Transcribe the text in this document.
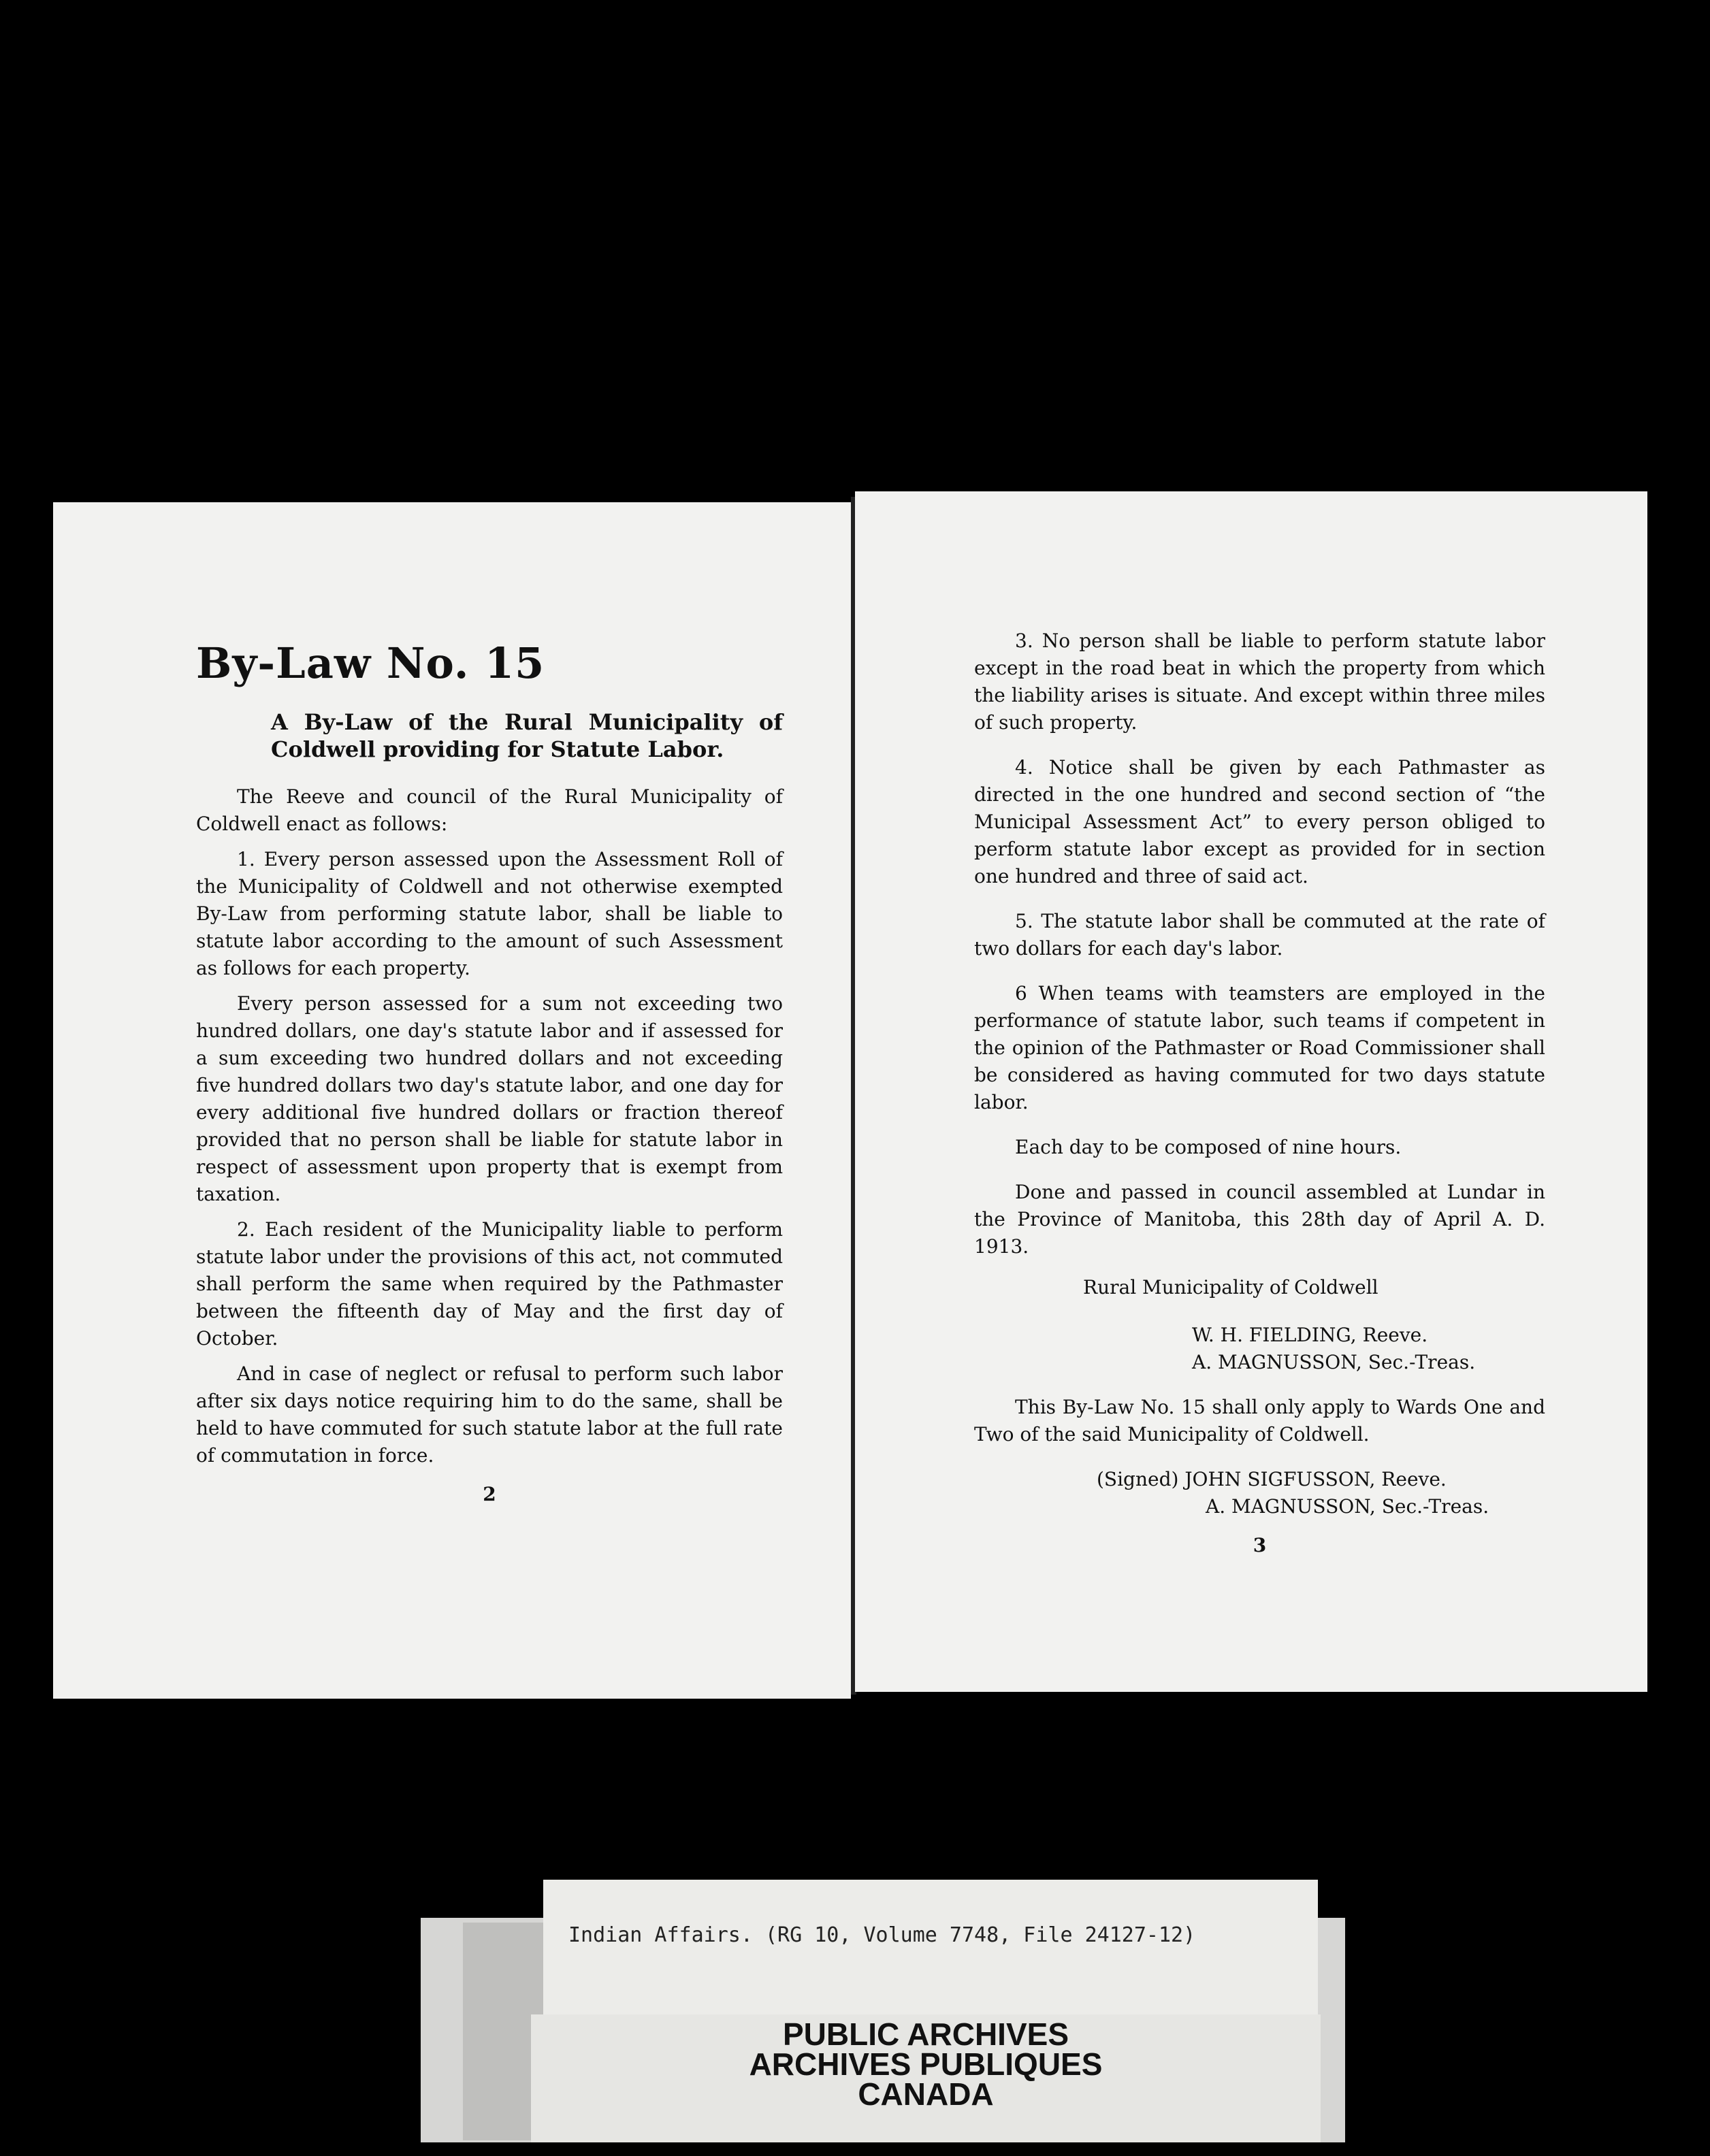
By-Law No. 15
A By-Law of the Rural Municipality of Coldwell providing for Statute Labor.

The Reeve and council of the Rural Municipality of Coldwell enact as follows:

1. Every person assessed upon the Assessment Roll of the Municipality of Coldwell and not otherwise exempted By-Law from performing statute labor, shall be liable to statute labor according to the amount of such Assessment as follows for each property.

Every person assessed for a sum not exceeding two hundred dollars, one day's statute labor and if assessed for a sum exceeding two hundred dollars and not exceeding five hundred dollars two day's statute labor, and one day for every additional five hundred dollars or fraction thereof provided that no person shall be liable for statute labor in respect of assessment upon property that is exempt from taxation.

2. Each resident of the Municipality liable to perform statute labor under the provisions of this act, not commuted shall perform the same when required by the Pathmaster between the fifteenth day of May and the first day of October.

And in case of neglect or refusal to perform such labor after six days notice requiring him to do the same, shall be held to have commuted for such statute labor at the full rate of commutation in force.

2

3. No person shall be liable to perform statute labor except in the road beat in which the property from which the liability arises is situate. And except within three miles of such property.

4. Notice shall be given by each Pathmaster as directed in the one hundred and second section of “the Municipal Assessment Act” to every person obliged to perform statute labor except as provided for in section one hundred and three of said act.

5. The statute labor shall be commuted at the rate of two dollars for each day's labor.

6 When teams with teamsters are employed in the performance of statute labor, such teams if competent in the opinion of the Pathmaster or Road Commissioner shall be considered as having commuted for two days statute labor.

Each day to be composed of nine hours.

Done and passed in council assembled at Lundar in the Province of Manitoba, this 28th day of April A. D. 1913.

Rural Municipality of Coldwell
W. H. FIELDING, Reeve.
A. MAGNUSSON, Sec.-Treas.

This By-Law No. 15 shall only apply to Wards One and Two of the said Municipality of Coldwell.

(Signed) JOHN SIGFUSSON, Reeve.
A. MAGNUSSON, Sec.-Treas.
3
Indian Affairs. (RG 10, Volume 7748, File 24127-12)
PUBLIC ARCHIVES
ARCHIVES PUBLIQUES
CANADA
